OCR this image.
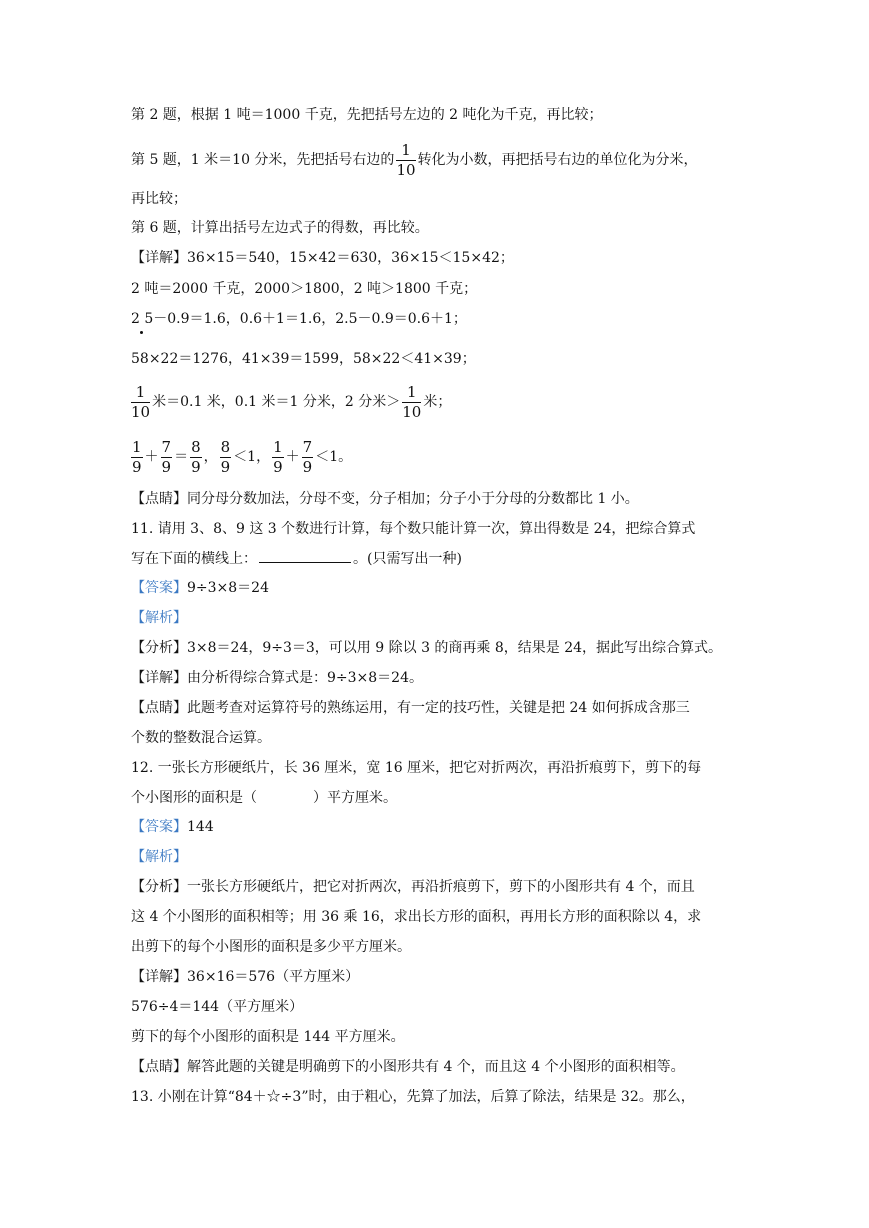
第 2 题，根据 1 吨＝1000 千克，先把括号左边的 2 吨化为千克，再比较；
第 5 题，1 米＝10 分米，先把括号右边的 $\frac{1}{10}$ 转化为小数，再把括号右边的单位化为分米，
再比较；
第 6 题，计算出括号左边式子的得数，再比较。
【详解】36×15＝540，15×42＝630，36×15＜15×42；
2 吨＝2000 千克，2000＞1800，2 吨＞1800 千克；
2 5－0.9＝1.6，0.6＋1＝1.6，2.5－0.9＝0.6＋1；
58×22＝1276，41×39＝1599，58×22＜41×39；
$\frac{1}{10}$ 米＝0.1 米，0.1 米＝1 分米，2 分米＞ $\frac{1}{10}$ 米；
$\frac{1}{9} + \frac{7}{9} = \frac{8}{9}$ ， $\frac{8}{9} <1$， $\frac{1}{9} + \frac{7}{9} <1$。
【点睛】同分母分数加法，分母不变，分子相加；分子小于分母的分数都比 1 小。
11. 请用 3、8、9 这 3 个数进行计算，每个数只能计算一次，算出得数是 24，把综合算式
写在下面的横线上：	。(只需写出一种)
【答案】9÷3×8＝24
【解析】
【分析】3×8＝24，9÷3＝3，可以用 9 除以 3 的商再乘 8，结果是 24，据此写出综合算式。
【详解】由分析得综合算式是：9÷3×8＝24。
【点睛】此题考查对运算符号的熟练运用，有一定的技巧性，关键是把 24 如何拆成含那三
个数的整数混合运算。
12. 一张长方形硬纸片，长 36 厘米，宽 16 厘米，把它对折两次，再沿折痕剪下，剪下的每
个小图形的面积是（　　　　）平方厘米。
【答案】144
【解析】
【分析】一张长方形硬纸片，把它对折两次，再沿折痕剪下，剪下的小图形共有 4 个，而且
这 4 个小图形的面积相等；用 36 乘 16，求出长方形的面积，再用长方形的面积除以 4，求
出剪下的每个小图形的面积是多少平方厘米。
【详解】36×16＝576（平方厘米）
576÷4＝144（平方厘米）
剪下的每个小图形的面积是 144 平方厘米。
【点睛】解答此题的关键是明确剪下的小图形共有 4 个，而且这 4 个小图形的面积相等。
13. 小刚在计算“84＋☆÷3”时，由于粗心，先算了加法，后算了除法，结果是 32。那么，
